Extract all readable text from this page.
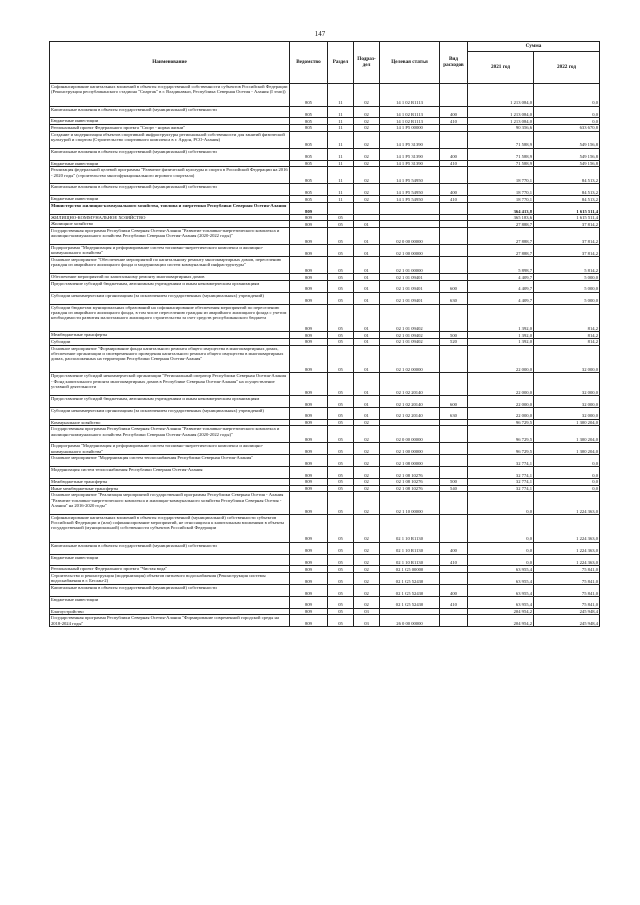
147
Наименование	Ведомство	Раздел	Подраз- дел	Целевая статья	Вид расходов	Сумма	
						2021 год	2022 год
Софинансирование капитальных вложений в объекты государственной собственности субъектов Российской Федерации (Реконструкция республиканского стадиона "Спартак" в г. Владикавказ, Республика Северная Осетия - Алания (I этап))	805	11	02	14 1 02 R1113		1 213 084,0	0,0
Капитальные вложения в объекты государственной (муниципальной) собственности	805	11	02	14 1 02 R1113	400	1 213 084,0	0,0
Бюджетные инвестиции	805	11	02	14 1 02 R1113	410	1 213 084,0	0,0
Региональный проект Федерального проекта "Спорт - норма жизни"	805	11	02	14 1 P5 00000		90 356,6	633 670,8
Создание и модернизация объектов спортивной инфраструктуры региональной собственности для занятий физической культурой и спортом (Строительство спортивного комплекса в г. Ардон, РСО-Алания)	805	11	02	14 1 P5 31390		71 588,9	549 156,8
Капитальные вложения в объекты государственной (муниципальной) собственности	805	11	02	14 1 P5 31390	400	71 588,9	549 156,8
Бюджетные инвестиции	805	11	02	14 1 P5 31390	410	71 588,9	549 156,8
Реализация федеральной целевой программы "Развитие физической культуры и спорта в Российской Федерации на 2016 - 2020 годы" (строительство многофункционального игрового спортзала)	805	11	02	14 1 P5 54950		18 770,1	84 513,2
Капитальные вложения в объекты государственной (муниципальной) собственности	805	11	02	14 1 P5 54950	400	18 770,1	84 513,2
Бюджетные инвестиции	805	11	02	14 1 P5 54950	410	18 770,1	84 513,2
Министерство жилищно-коммунального хозяйства, топлива и энергетики Республики Северная Осетия-Алания	809					364 413,8	1 615 511,4
ЖИЛИЩНО-КОММУНАЛЬНОЕ ХОЗЯЙСТВО	809	05				365 183,6	1 615 511,4
Жилищное хозяйство	809	05	01			27 888,7	37 814,2
Государственная программа Республики Северная Осетия-Алания "Развитие топливно-энергетического комплекса и жилищно-коммунального хозяйства Республики Северная Осетия-Алания (2020-2022 годы)"	809	05	01	02 0 00 00000		27 888,7	37 814,2
Подпрограмма "Модернизация и реформирование систем топливно-энергетического комплекса и жилищно-коммунального хозяйства"	809	05	01	02 1 00 00000		27 888,7	37 814,2
Основное мероприятие "Обеспечение мероприятий по капитальному ремонту многоквартирных домов, переселению граждан из аварийного жилищного фонда и модернизации систем коммунальной инфраструктуры"	809	05	01	02 1 01 00000		5 898,7	5 814,2
Обеспечение мероприятий по капитальному ремонту многоквартирных домов	809	05	01	02 1 01 09401		4 409,7	5 000,0
Предоставление субсидий бюджетным, автономным учреждениям и иным некоммерческим организациям	809	05	01	02 1 01 09401	600	4 409,7	5 000,0
Субсидии некоммерческим организациям (за исключением государственных (муниципальных) учреждений)	809	05	01	02 1 01 09401	630	4 409,7	5 000,0
Субсидии бюджетам муниципальных образований на софинансирование обеспечения мероприятий по переселению граждан из аварийного жилищного фонда, в том числе переселению граждан из аварийного жилищного фонда с учетом необходимости развития малоэтажного жилищного строительства за счет средств республиканского бюджета	809	05	01	02 1 01 09402		1 392,0	814,2
Межбюджетные трансферты	809	05	01	02 1 01 09402	500	1 392,0	814,2
Субсидии	809	05	01	02 1 01 09402	520	1 392,0	814,2
Основное мероприятие "Формирование фонда капитального ремонта общего имущества в многоквартирных домах, обеспечение организации и своевременного проведения капитального ремонта общего имущества в многоквартирных домах, расположенных на территории Республики Северная Осетия-Алания"	809	05	01	02 1 02 00000		22 000,0	32 000,0
Предоставление субсидий некоммерческой организации "Региональный оператор Республики Северная Осетия-Алания - Фонд капитального ремонта многоквартирных домов в Республике Северная Осетия-Алания" на осуществление уставной деятельности	809	05	01	02 1 02 20140		22 000,0	32 000,0
Предоставление субсидий бюджетным, автономным учреждениям и иным некоммерческим организациям	809	05	01	02 1 02 20140	600	22 000,0	32 000,0
Субсидии некоммерческим организациям (за исключением государственных (муниципальных) учреждений)	809	05	01	02 1 02 20140	630	22 000,0	32 000,0
Коммунальное хозяйство	809	05	02			96 729,5	1 300 204,0
Государственная программа Республики Северная Осетия-Алания "Развитие топливно-энергетического комплекса и жилищно-коммунального хозяйства Республики Северная Осетия-Алания (2020-2022 годы)"	809	05	02	02 0 00 00000		96 729,5	1 300 204,0
Подпрограмма "Модернизация и реформирование систем топливно-энергетического комплекса и жилищно-коммунального хозяйства"	809	05	02	02 1 00 00000		96 729,5	1 300 204,0
Основное мероприятие "Модернизация систем теплоснабжения Республики Северная Осетия-Алания"	809	05	02	02 1 08 00000		32 774,1	0,0
Модернизация систем теплоснабжения Республики Северная Осетия-Алания	809	05	02	02 1 08 10276		32 774,1	0,0
Межбюджетные трансферты	809	05	02	02 1 08 10276	500	32 774,1	0,0
Иные межбюджетные трансферты	809	05	02	02 1 08 10276	540	32 774,1	0,0
Основное мероприятие "Реализация мероприятий государственной программы Республики Северная Осетия - Алания "Развитие топливно-энергетического комплекса и жилищно-коммунального хозяйства Республики Северная Осетия - Алания" на 2016-2020 годы"	809	05	02	02 1 10 00000		0,0	1 224 363,0
Софинансирование капитальных вложений в объекты государственной (муниципальной) собственности субъектов Российской Федерации и (или) софинансирование мероприятий, не относящихся к капитальным вложениям в объекты государственной (муниципальной) собственности субъектов Российской Федерации	809	05	02	02 1 10 R1130		0,0	1 224 363,0
Капитальные вложения в объекты государственной (муниципальной) собственности	809	05	02	02 1 10 R1130	400	0,0	1 224 363,0
Бюджетные инвестиции	809	05	02	02 1 10 R1130	410	0,0	1 224 363,0
Региональный проект Федерального проекта "Чистая вода"	809	05	02	02 1 G5 00000		63 955,4	75 841,0
Строительство и реконструкция (модернизация) объектов питьевого водоснабжения (Реконструкция системы водоснабжения в г. Беслан-2)	809	05	02	02 1 G5 52430		63 955,4	75 841,0
Капитальные вложения в объекты государственной (муниципальной) собственности	809	05	02	02 1 G5 52430	400	63 955,4	75 841,0
Бюджетные инвестиции	809	05	02	02 1 G5 52430	410	63 955,4	75 841,0
Благоустройство	809	05	03			204 954,2	245 948,4
Государственная программа Республики Северная Осетия-Алания "Формирование современной городской среды на 2018-2024 годы"	809	05	03	26 0 00 00000		204 954,2	245 948,4
